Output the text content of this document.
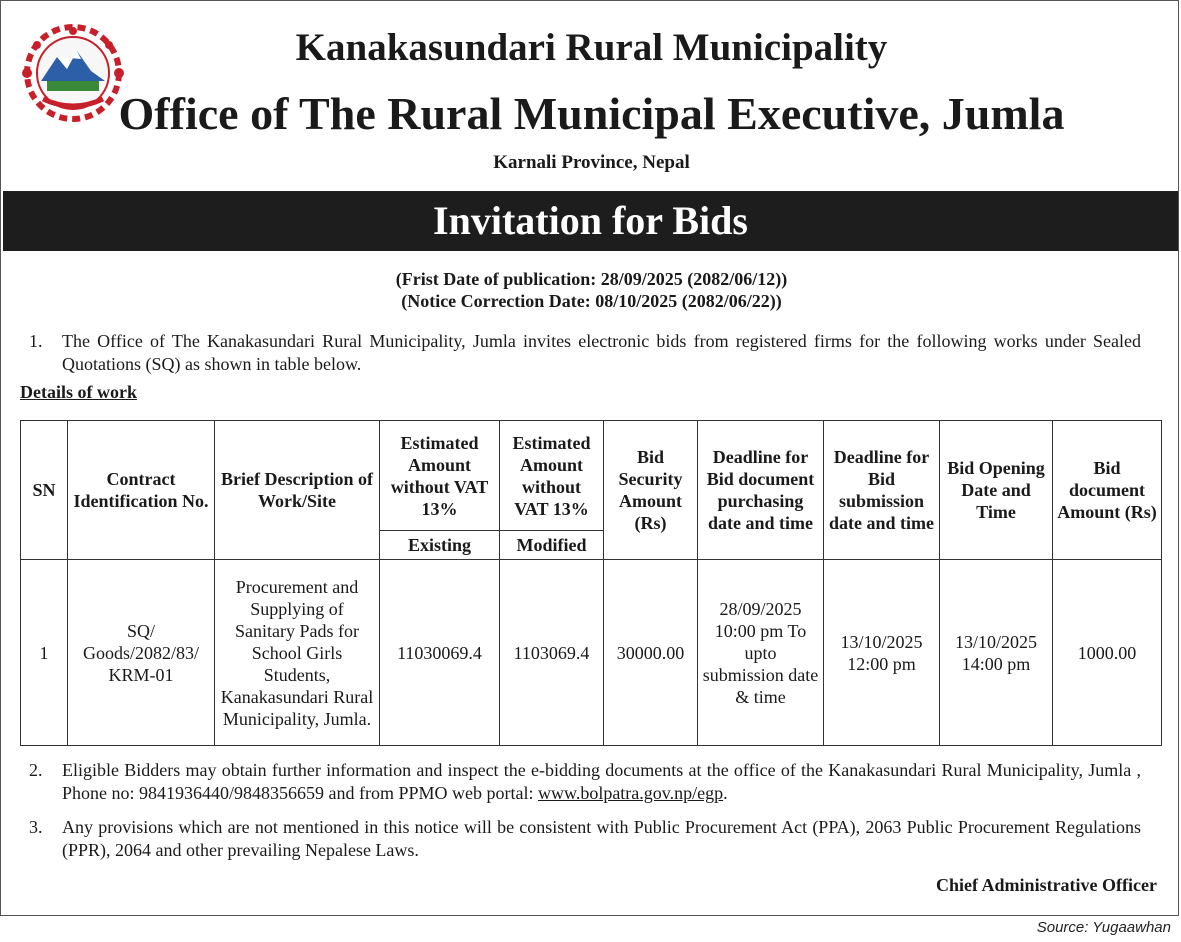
Kanakasundari Rural Municipality
Office of The Rural Municipal Executive, Jumla
Karnali Province, Nepal
Invitation for Bids
(Frist Date of publication: 28/09/2025 (2082/06/12))
(Notice Correction Date: 08/10/2025 (2082/06/22))
1. The Office of The Kanakasundari Rural Municipality, Jumla invites electronic bids from registered firms for the following works under Sealed Quotations (SQ) as shown in table below.
Details of work
SN	Contract Identification No.	Brief Description of Work/Site	Estimated Amount without VAT 13%	Estimated Amount without VAT 13%	Bid Security Amount (Rs)	Deadline for Bid document purchasing date and time	Deadline for Bid submission date and time	Bid Opening Date and Time	Bid document Amount (Rs)
			Existing	Modified					
1	SQ/ Goods/2082/83/ KRM-01	Procurement and Supplying of Sanitary Pads for School Girls Students, Kanakasundari Rural Municipality, Jumla.	11030069.4	1103069.4	30000.00	28/09/2025 10:00 pm To upto submission date & time	13/10/2025 12:00 pm	13/10/2025 14:00 pm	1000.00
2. Eligible Bidders may obtain further information and inspect the e-bidding documents at the office of the Kanakasundari Rural Municipality, Jumla , Phone no: 9841936440/9848356659 and from PPMO web portal: www.bolpatra.gov.np/egp.
3. Any provisions which are not mentioned in this notice will be consistent with Public Procurement Act (PPA), 2063 Public Procurement Regulations (PPR), 2064 and other prevailing Nepalese Laws.
Chief Administrative Officer
Source: Yugaawhan
